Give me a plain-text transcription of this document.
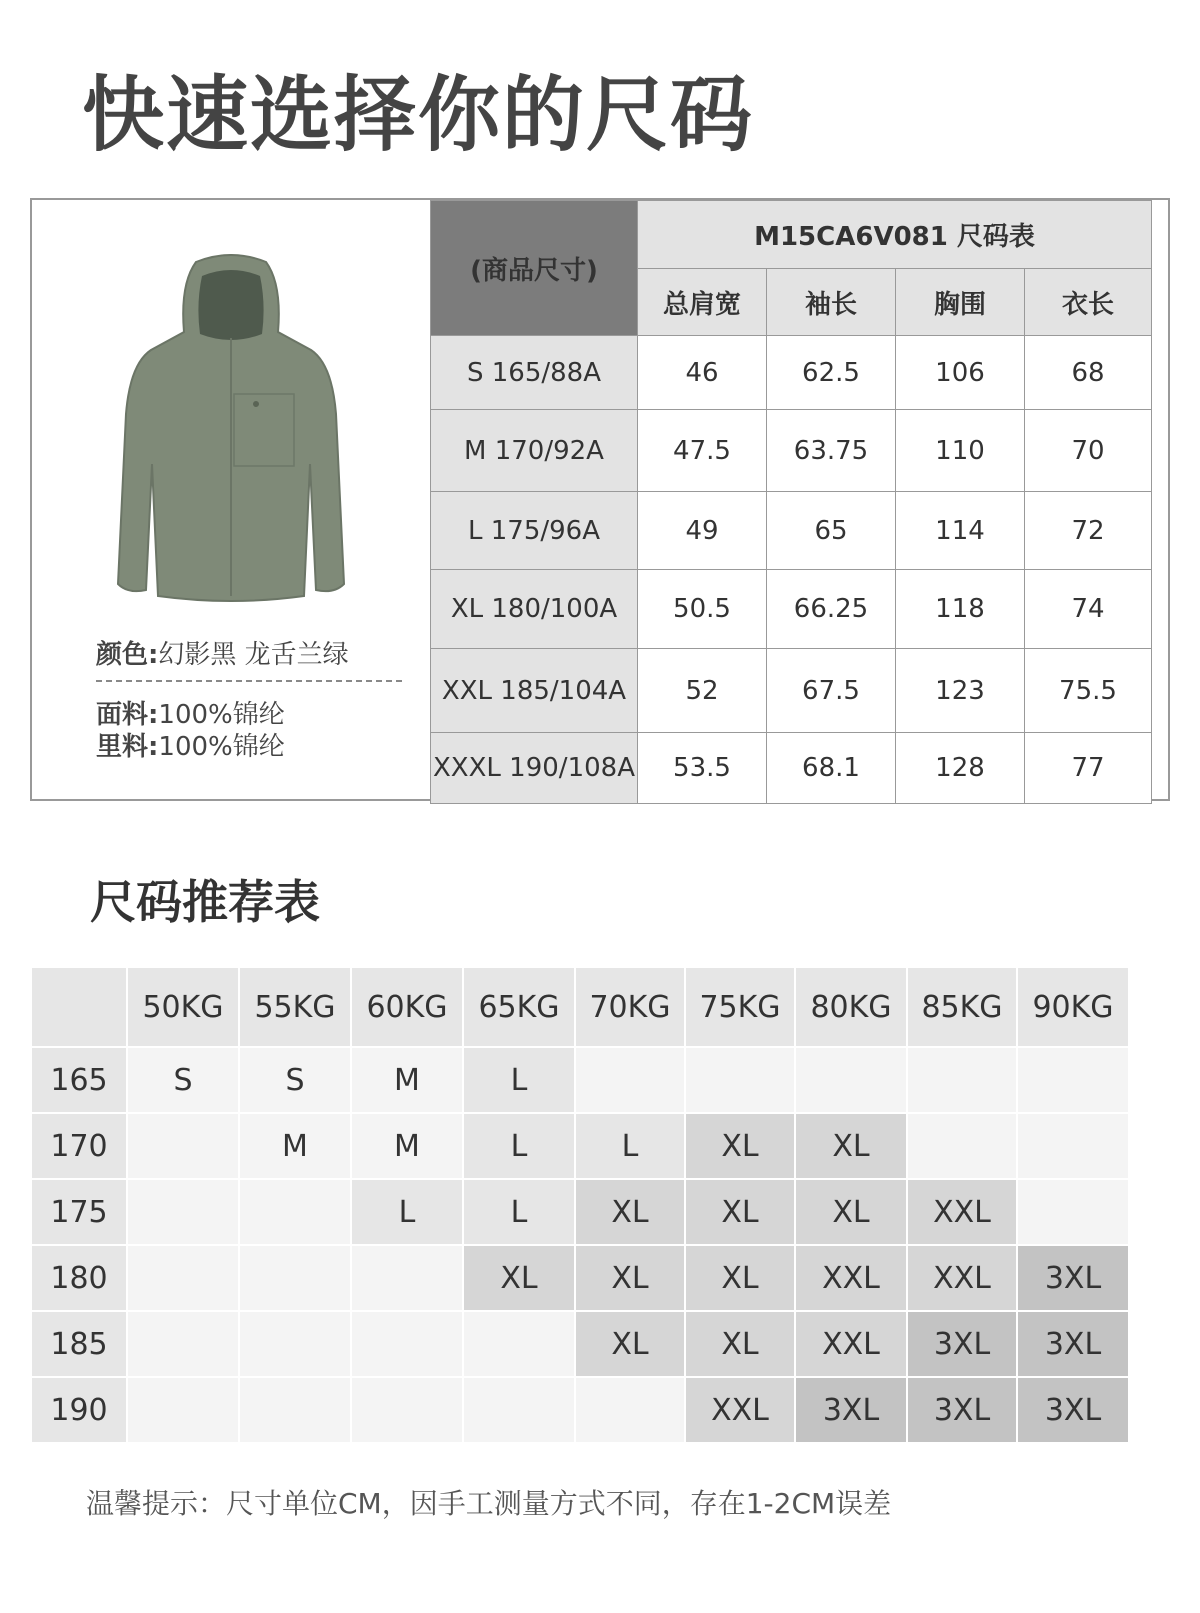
快速选择你的尺码
颜色:幻影黑 龙舌兰绿
面料:100%锦纶
里料:100%锦纶
(商品尺寸)	M15CA6V081 尺码表			
	总肩宽	袖长	胸围	衣长
S 165/88A	46	62.5	106	68
M 170/92A	47.5	63.75	110	70
L 175/96A	49	65	114	72
XL 180/100A	50.5	66.25	118	74
XXL 185/104A	52	67.5	123	75.5
XXXL 190/108A	53.5	68.1	128	77
尺码推荐表
	50KG	55KG	60KG	65KG	70KG	75KG	80KG	85KG	90KG
165	S	S	M	L					
170		M	M	L	L	XL	XL		
175			L	L	XL	XL	XL	XXL	
180				XL	XL	XL	XXL	XXL	3XL
185					XL	XL	XXL	3XL	3XL
190						XXL	3XL	3XL	3XL
温馨提示：尺寸单位CM，因手工测量方式不同，存在1-2CM误差
